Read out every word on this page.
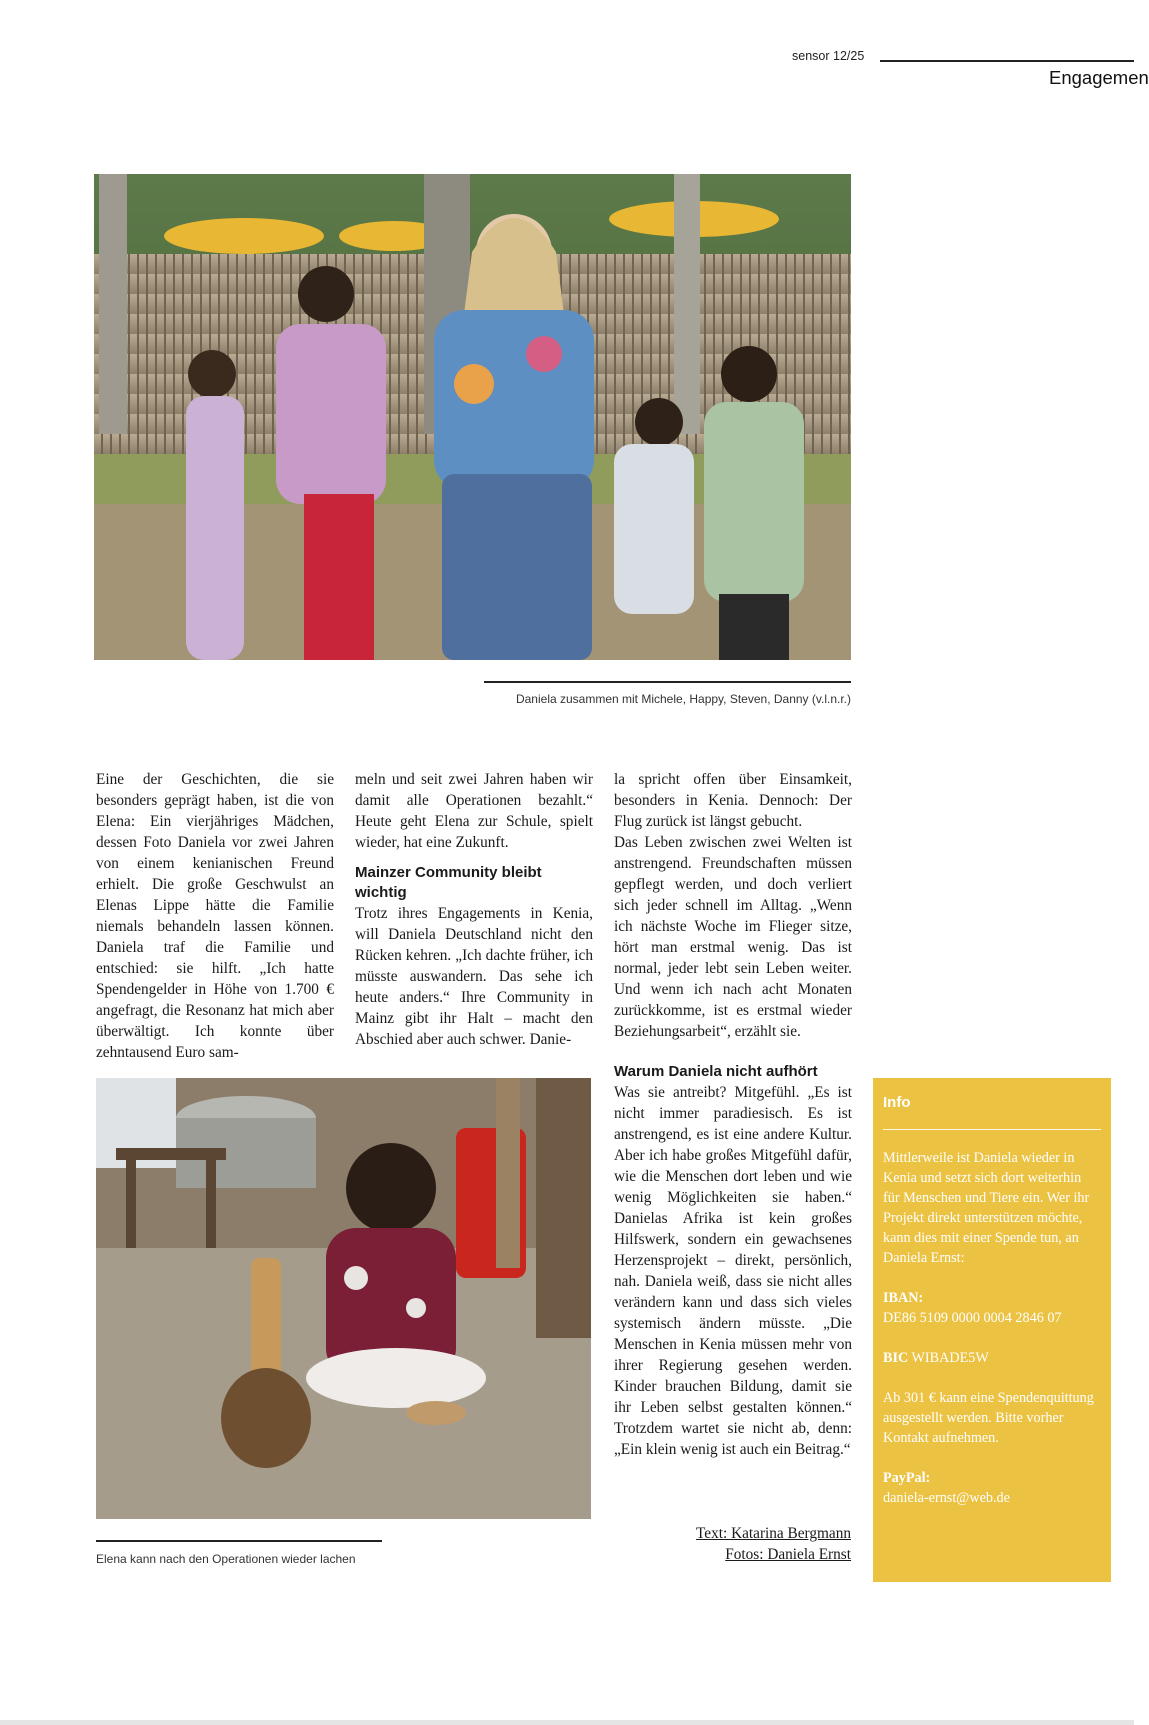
sensor 12/25
Engagemen
Daniela zusammen mit Michele, Happy, Steven, Danny (v.l.n.r.)

Eine der Geschichten, die sie besonders geprägt haben, ist die von Elena: Ein vierjähriges Mädchen, dessen Foto Daniela vor zwei Jahren von einem kenianischen Freund erhielt. Die große Geschwulst an Elenas Lippe hätte die Familie niemals behandeln lassen können. Daniela traf die Familie und entschied: sie hilft. „Ich hatte Spendengelder in Höhe von 1.700 € angefragt, die Resonanz hat mich aber überwältigt. Ich konnte über zehntausend Euro sam-

meln und seit zwei Jahren haben wir damit alle Operationen bezahlt.“ Heute geht Elena zur Schule, spielt wieder, hat eine Zukunft.

Mainzer Community bleibt wichtig

Trotz ihres Engagements in Kenia, will Daniela Deutschland nicht den Rücken kehren. „Ich dachte früher, ich müsste auswandern. Das sehe ich heute anders.“ Ihre Community in Mainz gibt ihr Halt – macht den Abschied aber auch schwer. Danie-

la spricht offen über Einsamkeit, besonders in Kenia. Dennoch: Der Flug zurück ist längst gebucht.

Das Leben zwischen zwei Welten ist anstrengend. Freundschaften müssen gepflegt werden, und doch verliert sich jeder schnell im Alltag. „Wenn ich nächste Woche im Flieger sitze, hört man erstmal wenig. Das ist normal, jeder lebt sein Leben weiter. Und wenn ich nach acht Monaten zurückkomme, ist es erstmal wieder Beziehungsarbeit“, erzählt sie.

Warum Daniela nicht aufhört

Was sie antreibt? Mitgefühl. „Es ist nicht immer paradiesisch. Es ist anstrengend, es ist eine andere Kultur. Aber ich habe großes Mitgefühl dafür, wie die Menschen dort leben und wie wenig Möglichkeiten sie haben.“ Danielas Afrika ist kein großes Hilfswerk, sondern ein gewachsenes Herzensprojekt – direkt, persönlich, nah. Daniela weiß, dass sie nicht alles verändern kann und dass sich vieles systemisch ändern müsste. „Die Menschen in Kenia müssen mehr von ihrer Regierung gesehen werden. Kinder brauchen Bildung, damit sie ihr Leben selbst gestalten können.“ Trotzdem wartet sie nicht ab, denn: „Ein klein wenig ist auch ein Beitrag.“

Elena kann nach den Operationen wieder lachen
Text: Katarina Bergmann
Fotos: Daniela Ernst
Info

Mittlerweile ist Daniela wieder in Kenia und setzt sich dort weiterhin für Menschen und Tiere ein. Wer ihr Projekt direkt unterstützen möchte, kann dies mit einer Spende tun, an Daniela Ernst:

IBAN:
DE86 5109 0000 0004 2846 07

BIC WIBADE5W

Ab 301 € kann eine Spendenquittung ausgestellt werden. Bitte vorher Kontakt aufnehmen.

PayPal:
daniela-ernst@web.de
